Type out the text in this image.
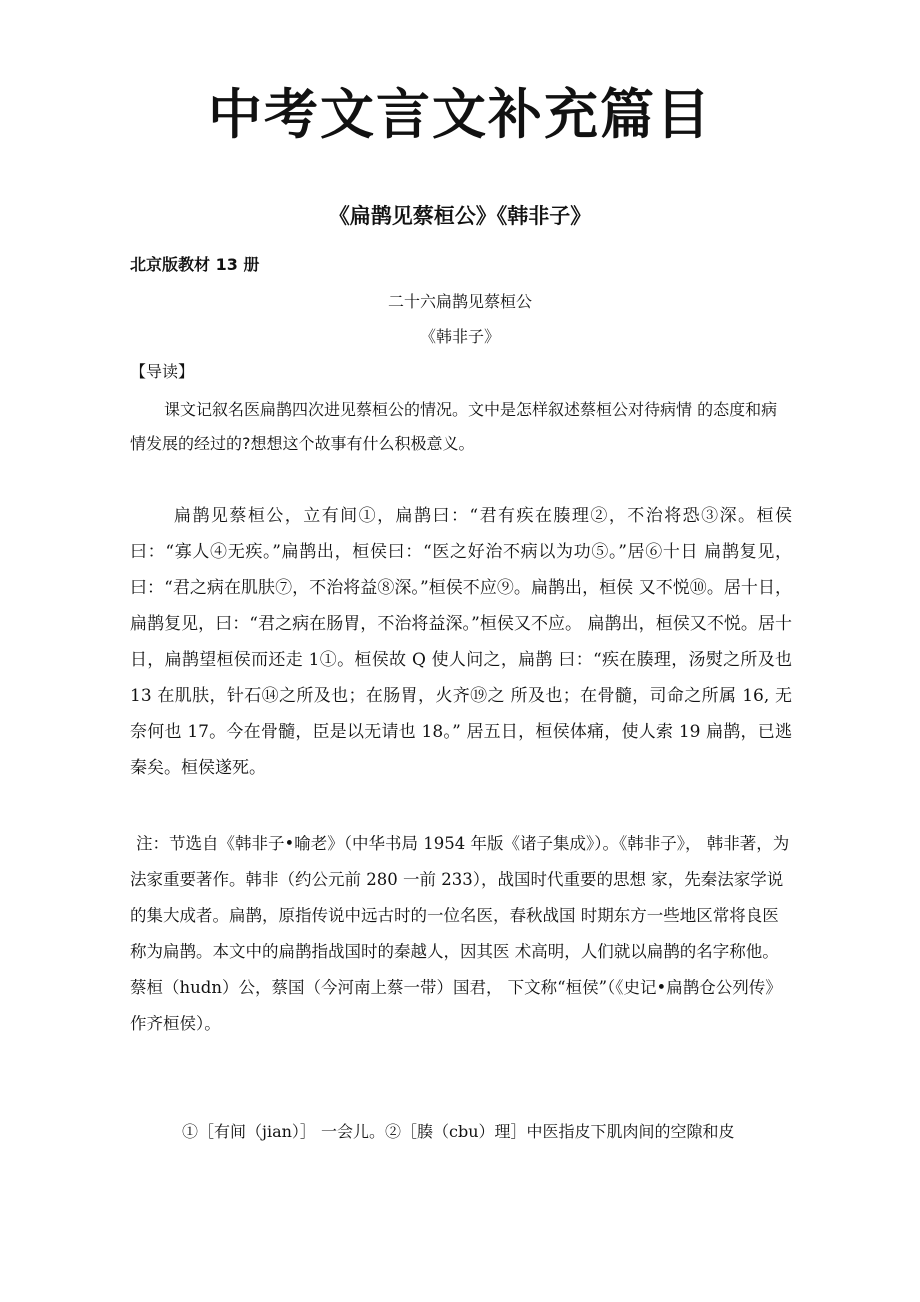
中考文言文补充篇目
《扁鹊见蔡桓公》《韩非子》
北京版教材 13 册
二十六扁鹊见蔡桓公
《韩非子》
【导读】

课文记叙名医扁鹊四次进见蔡桓公的情况。文中是怎样叙述蔡桓公对待病情 的态度和病情发展的经过的?想想这个故事有什么积极意义。

扁鹊见蔡桓公，立有间①，扁鹊曰：“君有疾在腠理②，不治将恐③深。桓侯曰：“寡人④无疾。”扁鹊出，桓侯曰：“医之好治不病以为功⑤。”居⑥十日 扁鹊复见，曰：“君之病在肌肤⑦，不治将益⑧深。”桓侯不应⑨。扁鹊出，桓侯 又不悦⑩。居十日，扁鹊复见，曰：“君之病在肠胃，不治将益深。”桓侯又不应。 扁鹊出，桓侯又不悦。居十日，扁鹊望桓侯而还走 1①。桓侯故 Q 使人问之，扁鹊 曰：“疾在腠理，汤熨之所及也 13 在肌肤，针石⑭之所及也；在肠胃，火齐⑲之 所及也；在骨髓，司命之所属 16, 无奈何也 17。今在骨髓，臣是以无请也 18。” 居五日，桓侯体痛，使人索 19 扁鹊，已逃秦矣。桓侯遂死。

注：节选自《韩非子•喻老》（中华书局 1954 年版《诸子集成》）。《韩非子》， 韩非著，为法家重要著作。韩非（约公元前 280 一前 233），战国时代重要的思想 家，先秦法家学说的集大成者。扁鹊，原指传说中远古时的一位名医，春秋战国 时期东方一些地区常将良医称为扁鹊。本文中的扁鹊指战国时的秦越人，因其医 术高明，人们就以扁鹊的名字称他。蔡桓（hudn）公，蔡国（今河南上蔡一带）国君， 下文称“桓侯”（《史记•扁鹊仓公列传》作齐桓侯）。

①［有间（jian）］ 一会儿。②［腠（cbu）理］中医指皮下肌肉间的空隙和皮
